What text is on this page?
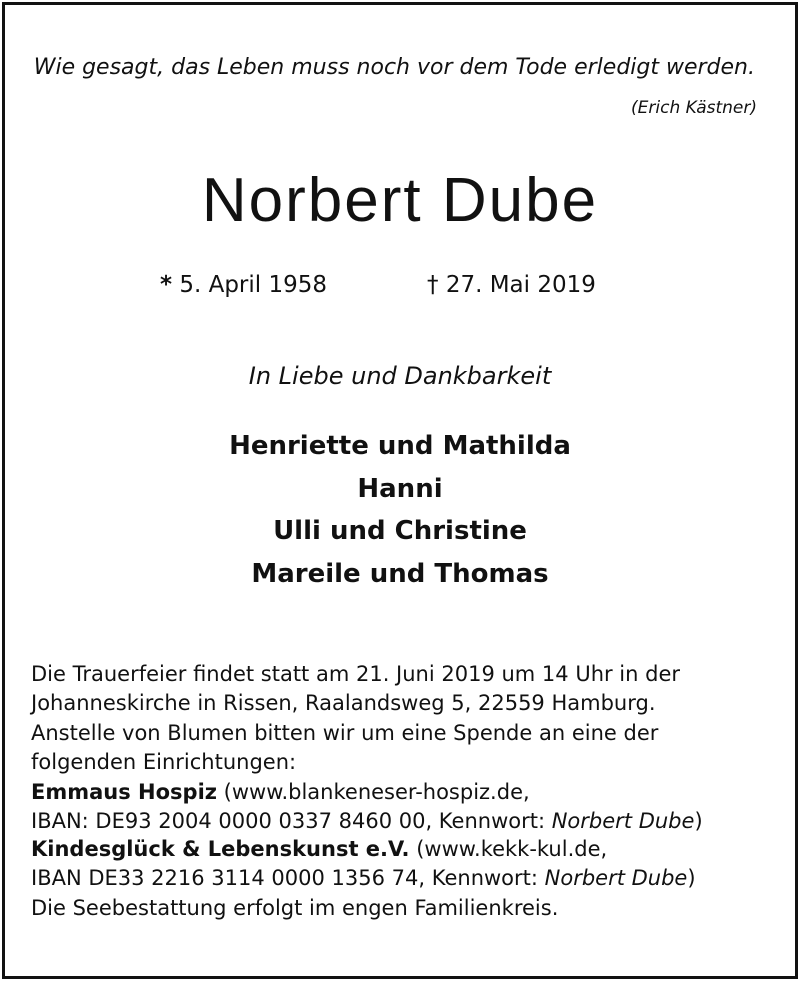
Wie gesagt, das Leben muss noch vor dem Tode erledigt werden.
(Erich Kästner)
Norbert Dube
* 5. April 1958	† 27. Mai 2019
In Liebe und Dankbarkeit
Henriette und Mathilda
Hanni
Ulli und Christine
Mareile und Thomas
Die Trauerfeier findet statt am 21. Juni 2019 um 14 Uhr in der
Johanneskirche in Rissen, Raalandsweg 5, 22559 Hamburg.
Anstelle von Blumen bitten wir um eine Spende an eine der
folgenden Einrichtungen:
Emmaus Hospiz (www.blankeneser-hospiz.de,
IBAN: DE93 2004 0000 0337 8460 00, Kennwort: Norbert Dube)
Kindesglück & Lebenskunst e.V. (www.kekk-kul.de,
IBAN DE33 2216 3114 0000 1356 74, Kennwort: Norbert Dube)
Die Seebestattung erfolgt im engen Familienkreis.
